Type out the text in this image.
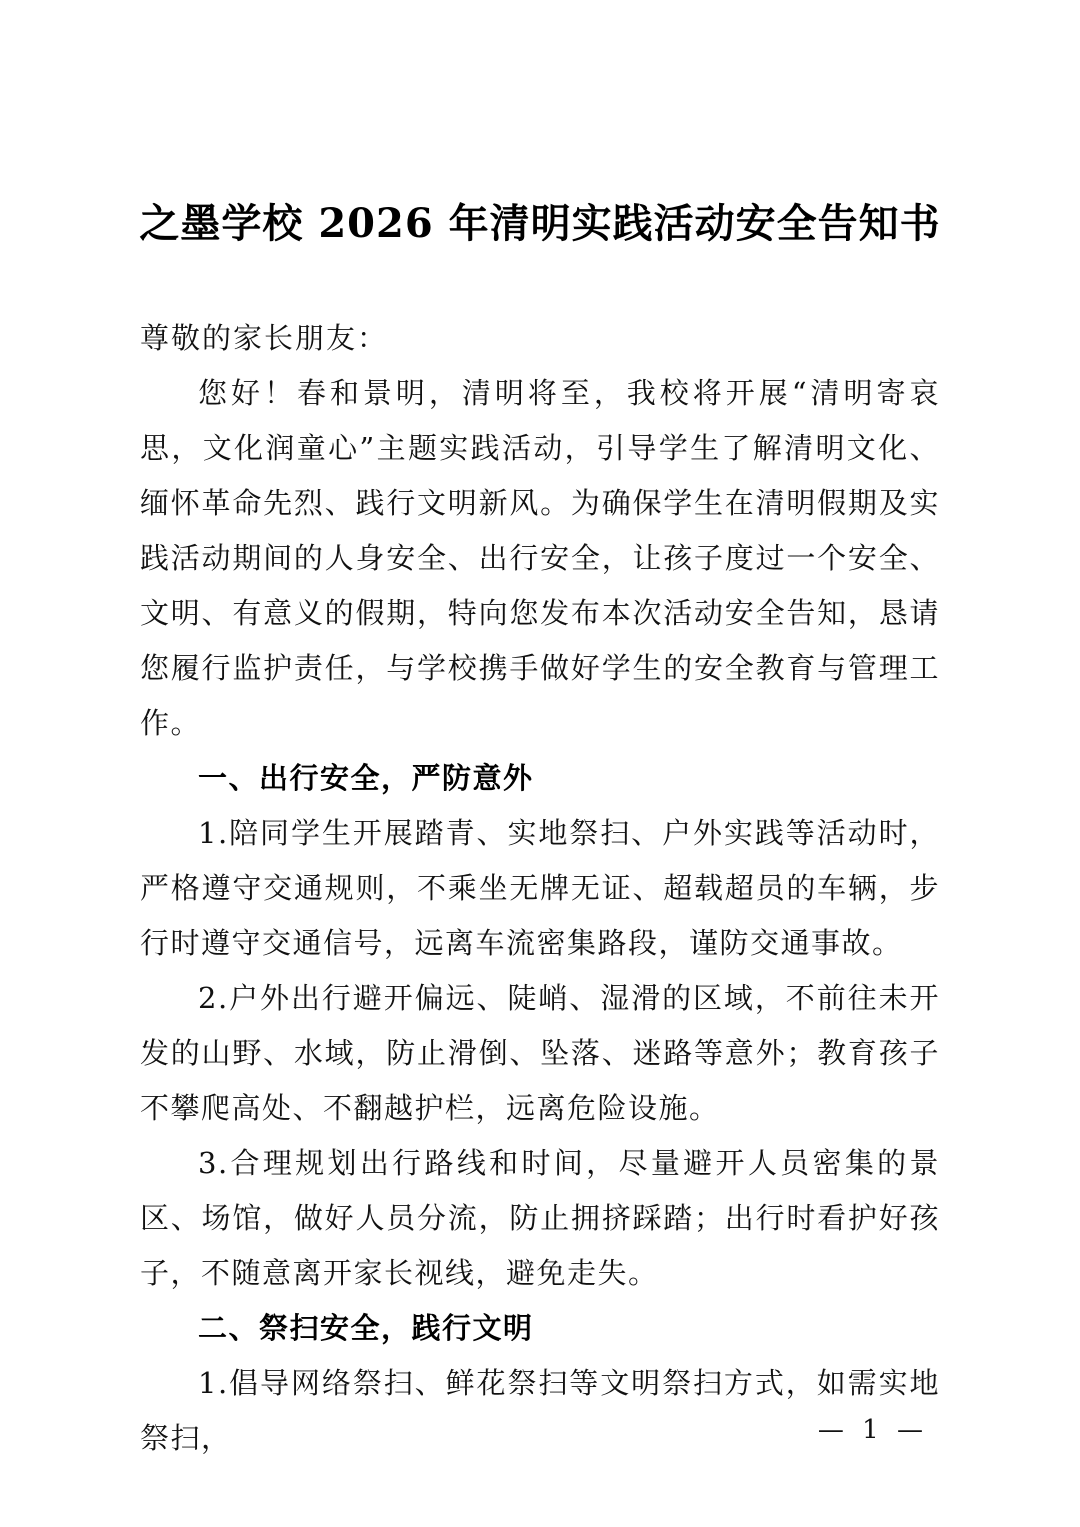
之墨学校 2026 年清明实践活动安全告知书

尊敬的家长朋友：

您好！春和景明，清明将至，我校将开展“清明寄哀思，文化润童心”主题实践活动，引导学生了解清明文化、缅怀革命先烈、践行文明新风。为确保学生在清明假期及实践活动期间的人身安全、出行安全，让孩子度过一个安全、文明、有意义的假期，特向您发布本次活动安全告知，恳请您履行监护责任，与学校携手做好学生的安全教育与管理工作。

一、出行安全，严防意外

1.陪同学生开展踏青、实地祭扫、户外实践等活动时，严格遵守交通规则，不乘坐无牌无证、超载超员的车辆，步行时遵守交通信号，远离车流密集路段，谨防交通事故。

2.户外出行避开偏远、陡峭、湿滑的区域，不前往未开发的山野、水域，防止滑倒、坠落、迷路等意外；教育孩子不攀爬高处、不翻越护栏，远离危险设施。

3.合理规划出行路线和时间，尽量避开人员密集的景区、场馆，做好人员分流，防止拥挤踩踏；出行时看护好孩子，不随意离开家长视线，避免走失。

二、祭扫安全，践行文明

1.倡导网络祭扫、鲜花祭扫等文明祭扫方式，如需实地祭扫，	— 1 —
